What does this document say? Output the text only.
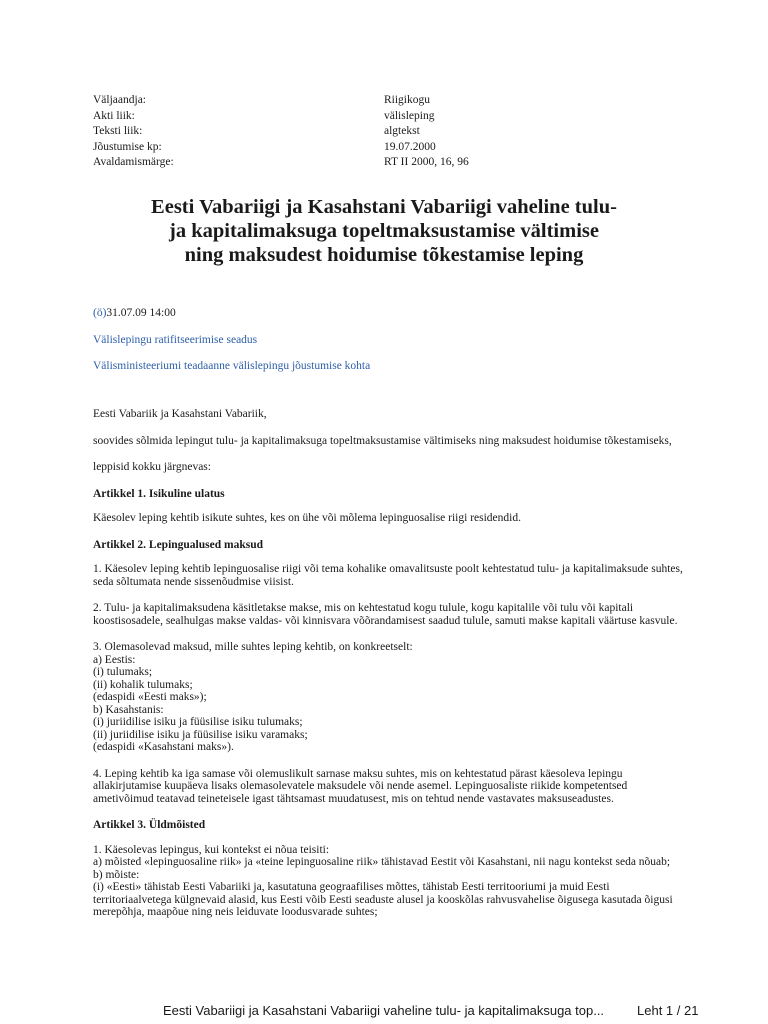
Väljaandja:	Riigikogu
Akti liik:	välisleping
Teksti liik:	algtekst
Jõustumise kp:	19.07.2000
Avaldamismärge:	RT II 2000, 16, 96
Eesti Vabariigi ja Kasahstani Vabariigi vaheline tulu-
ja kapitalimaksuga topeltmaksustamise vältimise
ning maksudest hoidumise tõkestamise leping
(ö)31.07.09 14:00
Välislepingu ratifitseerimise seadus
Välisministeeriumi teadaanne välislepingu jõustumise kohta

Eesti Vabariik ja Kasahstani Vabariik,

soovides sõlmida lepingut tulu- ja kapitalimaksuga topeltmaksustamise vältimiseks ning maksudest hoidumise tõkestamiseks,

leppisid kokku järgnevas:

Artikkel 1. Isikuline ulatus

Käesolev leping kehtib isikute suhtes, kes on ühe või mõlema lepinguosalise riigi residendid.

Artikkel 2. Lepingualused maksud

1. Käesolev leping kehtib lepinguosalise riigi või tema kohalike omavalitsuste poolt kehtestatud tulu- ja kapitalimaksude suhtes, seda sõltumata nende sissenõudmise viisist.

2. Tulu- ja kapitalimaksudena käsitletakse makse, mis on kehtestatud kogu tulule, kogu kapitalile või tulu või kapitali koostisosadele, sealhulgas makse valdas- või kinnisvara võõrandamisest saadud tulule, samuti makse kapitali väärtuse kasvule.

3. Olemasolevad maksud, mille suhtes leping kehtib, on konkreetselt:
a) Eestis:
(i) tulumaks;
(ii) kohalik tulumaks;
(edaspidi «Eesti maks»);
b) Kasahstanis:
(i) juriidilise isiku ja füüsilise isiku tulumaks;
(ii) juriidilise isiku ja füüsilise isiku varamaks;
(edaspidi «Kasahstani maks»).

4. Leping kehtib ka iga samase või olemuslikult sarnase maksu suhtes, mis on kehtestatud pärast käesoleva lepingu allakirjutamise kuupäeva lisaks olemasolevatele maksudele või nende asemel. Lepinguosaliste riikide kompetentsed ametivõimud teatavad teineteisele igast tähtsamast muudatusest, mis on tehtud nende vastavates maksuseadustes.

Artikkel 3. Üldmõisted

1. Käesolevas lepingus, kui kontekst ei nõua teisiti:
a) mõisted «lepinguosaline riik» ja «teine lepinguosaline riik» tähistavad Eestit või Kasahstani, nii nagu kontekst seda nõuab;
b) mõiste:
(i) «Eesti» tähistab Eesti Vabariiki ja, kasutatuna geograafilises mõttes, tähistab Eesti territooriumi ja muid Eesti territoriaalvetega külgnevaid alasid, kus Eesti võib Eesti seaduste alusel ja kooskõlas rahvusvahelise õigusega kasutada õigusi merepõhja, maapõue ning neis leiduvate loodusvarade suhtes;
Eesti Vabariigi ja Kasahstani Vabariigi vaheline tulu- ja kapitalimaksuga top...	Leht 1 / 21
